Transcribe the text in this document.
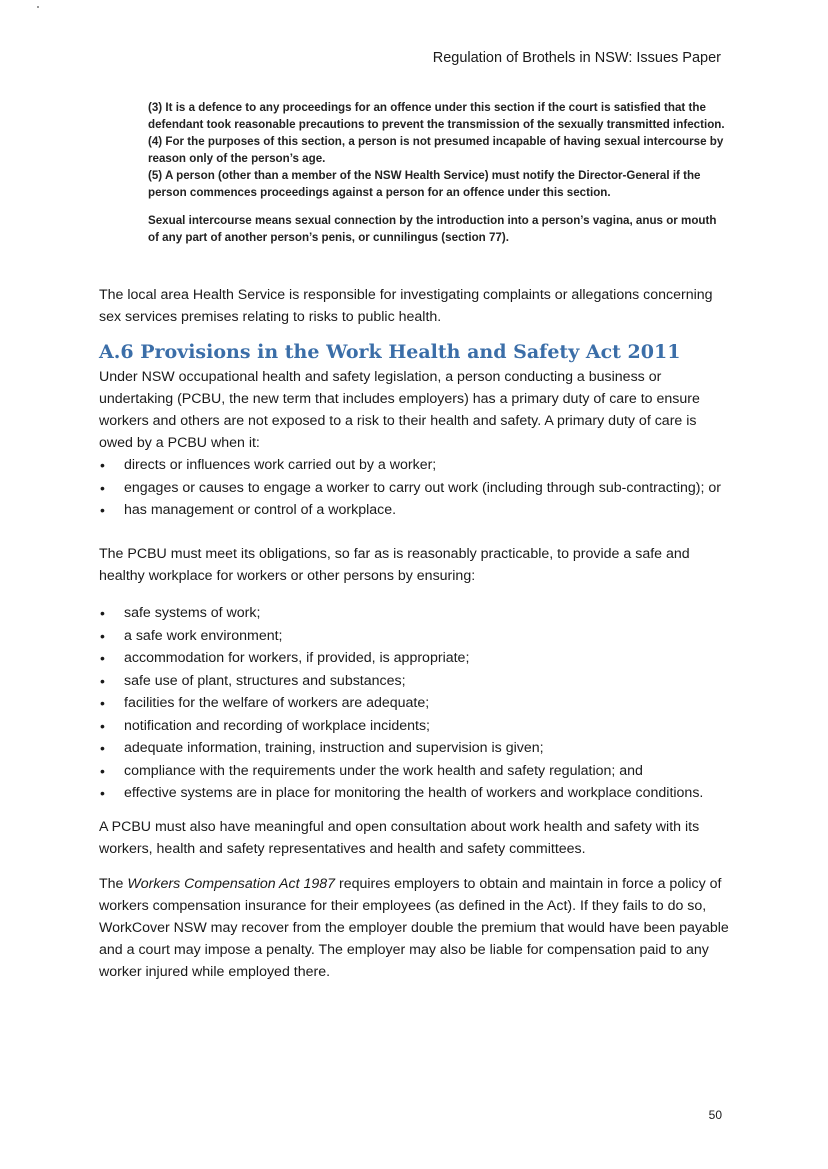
Regulation of Brothels in NSW: Issues Paper

(3) It is a defence to any proceedings for an offence under this section if the court is satisfied that the defendant took reasonable precautions to prevent the transmission of the sexually transmitted infection.

(4) For the purposes of this section, a person is not presumed incapable of having sexual intercourse by reason only of the person’s age.

(5) A person (other than a member of the NSW Health Service) must notify the Director-General if the person commences proceedings against a person for an offence under this section.

Sexual intercourse means sexual connection by the introduction into a person’s vagina, anus or mouth of any part of another person’s penis, or cunnilingus (section 77).

The local area Health Service is responsible for investigating complaints or allegations concerning sex services premises relating to risks to public health.

A.6 Provisions in the Work Health and Safety Act 2011

Under NSW occupational health and safety legislation, a person conducting a business or undertaking (PCBU, the new term that includes employers) has a primary duty of care to ensure workers and others are not exposed to a risk to their health and safety. A primary duty of care is owed by a PCBU when it:

• directs or influences work carried out by a worker;
• engages or causes to engage a worker to carry out work (including through sub-contracting); or
• has management or control of a workplace.

The PCBU must meet its obligations, so far as is reasonably practicable, to provide a safe and healthy workplace for workers or other persons by ensuring:

• safe systems of work;
• a safe work environment;
• accommodation for workers, if provided, is appropriate;
• safe use of plant, structures and substances;
• facilities for the welfare of workers are adequate;
• notification and recording of workplace incidents;
• adequate information, training, instruction and supervision is given;
• compliance with the requirements under the work health and safety regulation; and
• effective systems are in place for monitoring the health of workers and workplace conditions.

A PCBU must also have meaningful and open consultation about work health and safety with its workers, health and safety representatives and health and safety committees.

The Workers Compensation Act 1987 requires employers to obtain and maintain in force a policy of workers compensation insurance for their employees (as defined in the Act). If they fails to do so, WorkCover NSW may recover from the employer double the premium that would have been payable and a court may impose a penalty. The employer may also be liable for compensation paid to any worker injured while employed there.

50
